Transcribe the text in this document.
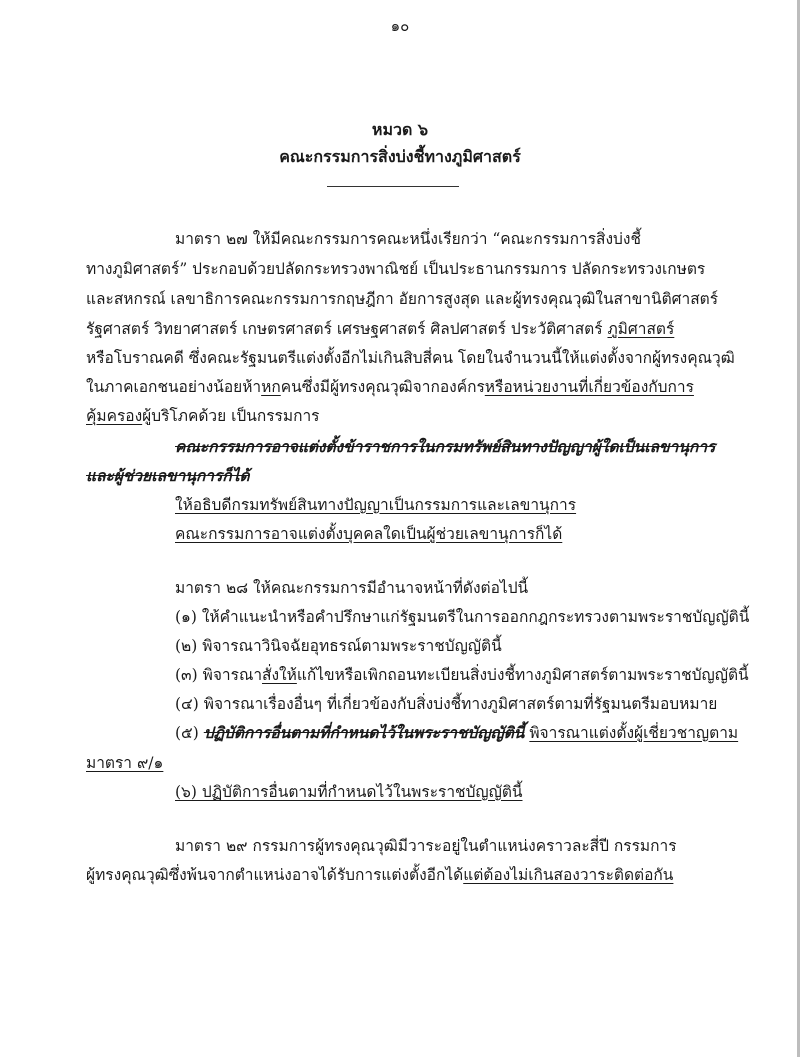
๑๐

หมวด ๖

คณะกรรมการสิ่งบ่งชี้ทางภูมิศาสตร์

มาตรา ๒๗ ให้มีคณะกรรมการคณะหนึ่งเรียกว่า “คณะกรรมการสิ่งบ่งชี้

ทางภูมิศาสตร์” ประกอบด้วยปลัดกระทรวงพาณิชย์ เป็นประธานกรรมการ ปลัดกระทรวงเกษตร

และสหกรณ์ เลขาธิการคณะกรรมการกฤษฎีกา อัยการสูงสุด และผู้ทรงคุณวุฒิในสาขานิติศาสตร์

รัฐศาสตร์ วิทยาศาสตร์ เกษตรศาสตร์ เศรษฐศาสตร์ ศิลปศาสตร์ ประวัติศาสตร์ ภูมิศาสตร์

หรือโบราณคดี ซึ่งคณะรัฐมนตรีแต่งตั้งอีกไม่เกินสิบสี่คน โดยในจำนวนนี้ให้แต่งตั้งจากผู้ทรงคุณวุฒิ

ในภาคเอกชนอย่างน้อยห้าหกคนซึ่งมีผู้ทรงคุณวุฒิจากองค์กรหรือหน่วยงานที่เกี่ยวข้องกับการ

คุ้มครองผู้บริโภคด้วย เป็นกรรมการ

คณะกรรมการอาจแต่งตั้งข้าราชการในกรมทรัพย์สินทางปัญญาผู้ใดเป็นเลขานุการ

และผู้ช่วยเลขานุการก็ได้

ให้อธิบดีกรมทรัพย์สินทางปัญญาเป็นกรรมการและเลขานุการ

คณะกรรมการอาจแต่งตั้งบุคคลใดเป็นผู้ช่วยเลขานุการก็ได้

มาตรา ๒๘ ให้คณะกรรมการมีอำนาจหน้าที่ดังต่อไปนี้

(๑) ให้คำแนะนำหรือคำปรึกษาแก่รัฐมนตรีในการออกกฎกระทรวงตามพระราชบัญญัตินี้

(๒) พิจารณาวินิจฉัยอุทธรณ์ตามพระราชบัญญัตินี้

(๓) พิจารณาสั่งให้แก้ไขหรือเพิกถอนทะเบียนสิ่งบ่งชี้ทางภูมิศาสตร์ตามพระราชบัญญัตินี้

(๔) พิจารณาเรื่องอื่นๆ ที่เกี่ยวข้องกับสิ่งบ่งชี้ทางภูมิศาสตร์ตามที่รัฐมนตรีมอบหมาย

(๕) ปฏิบัติการอื่นตามที่กำหนดไว้ในพระราชบัญญัตินี้ พิจารณาแต่งตั้งผู้เชี่ยวชาญตาม

มาตรา ๙/๑

(๖) ปฏิบัติการอื่นตามที่กำหนดไว้ในพระราชบัญญัตินี้

มาตรา ๒๙ กรรมการผู้ทรงคุณวุฒิมีวาระอยู่ในตำแหน่งคราวละสี่ปี กรรมการ

ผู้ทรงคุณวุฒิซึ่งพ้นจากตำแหน่งอาจได้รับการแต่งตั้งอีกได้แต่ต้องไม่เกินสองวาระติดต่อกัน
